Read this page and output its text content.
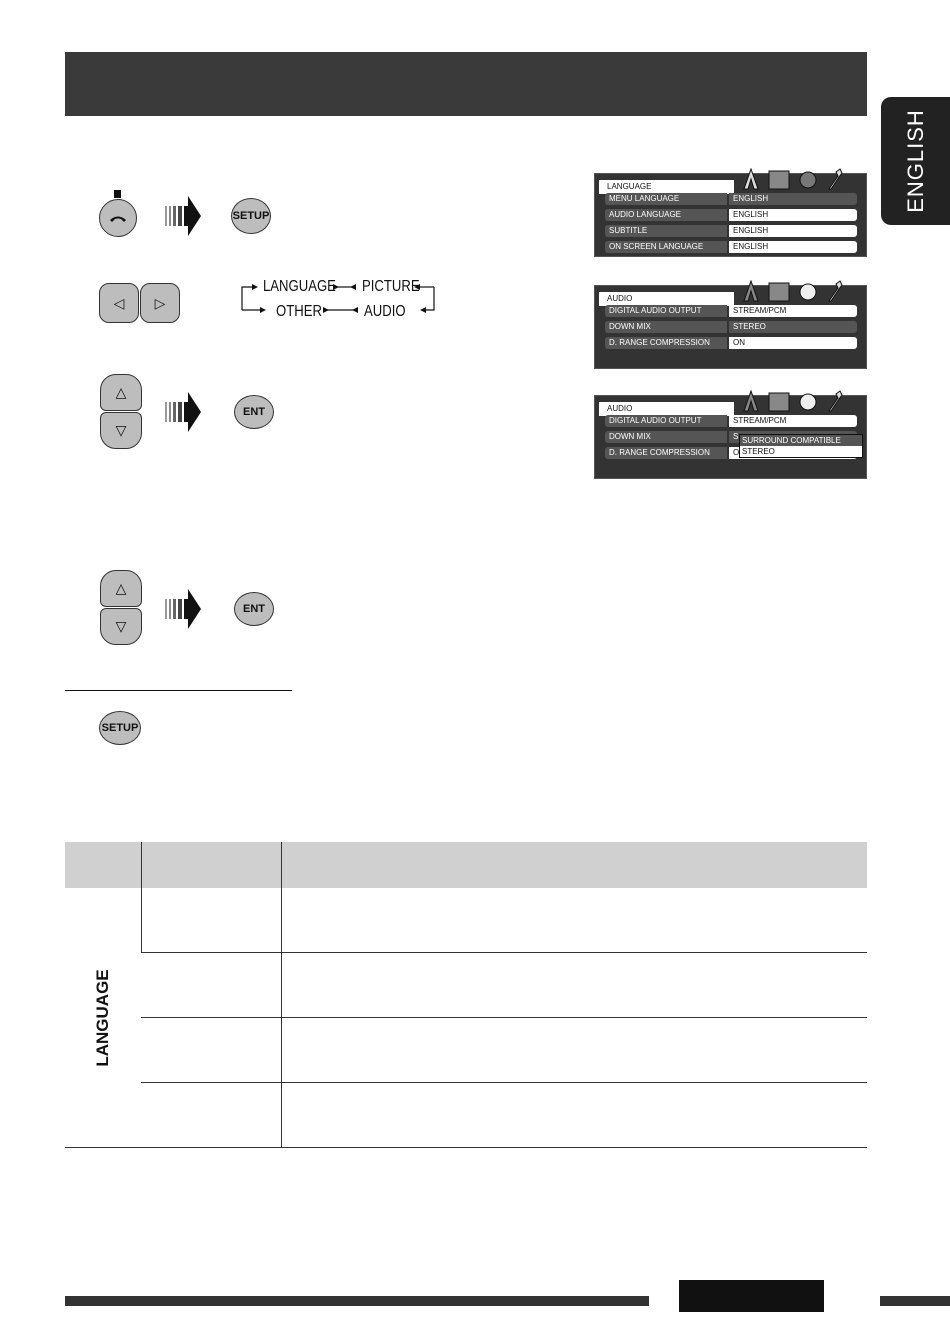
ENGLISH
SETUP
LANGUAGE
MENU LANGUAGE	ENGLISH
AUDIO LANGUAGE	ENGLISH
SUBTITLE	ENGLISH
ON SCREEN LANGUAGE	ENGLISH
◁ ▷
LANGUAGE PICTURE
OTHER	AUDIO
AUDIO
DIGITAL AUDIO OUTPUT	STREAM/PCM
DOWN MIX	STEREO
D. RANGE COMPRESSION	ON
△
▽
ENT	AUDIO
DIGITAL AUDIO OUTPUT	STREAM/PCM
DOWN MIX	S
D. RANGE COMPRESSION	O
SURROUND COMPATIBLE
STEREO
△
▽
ENT
SETUP

LANGUAGE		
